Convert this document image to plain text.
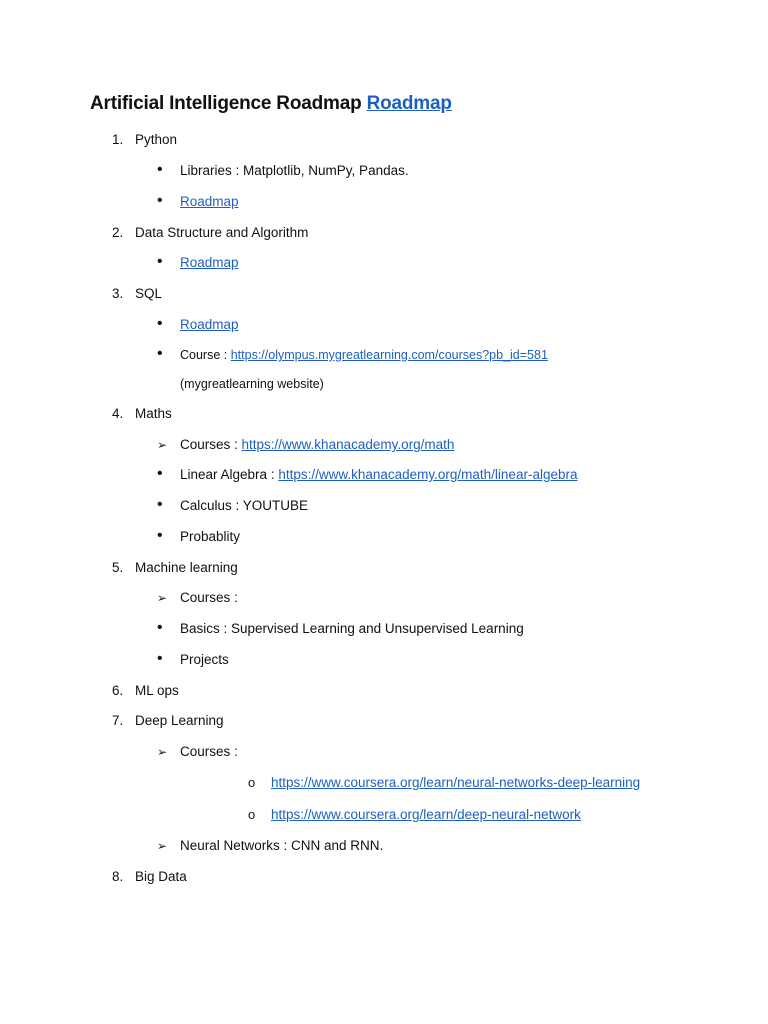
Artificial Intelligence Roadmap Roadmap
1. Python
• Libraries : Matplotlib, NumPy, Pandas.
• Roadmap
2. Data Structure and Algorithm
• Roadmap
3. SQL
• Roadmap
• Course : https://olympus.mygreatlearning.com/courses?pb_id=581
(mygreatlearning website)
4. Maths
➢ Courses : https://www.khanacademy.org/math
• Linear Algebra : https://www.khanacademy.org/math/linear-algebra
• Calculus : YOUTUBE
• Probablity
5. Machine learning
➢ Courses :
• Basics : Supervised Learning and Unsupervised Learning
• Projects
6. ML ops
7. Deep Learning
➢ Courses :
o https://www.coursera.org/learn/neural-networks-deep-learning
o https://www.coursera.org/learn/deep-neural-network
➢ Neural Networks : CNN and RNN.
8. Big Data
